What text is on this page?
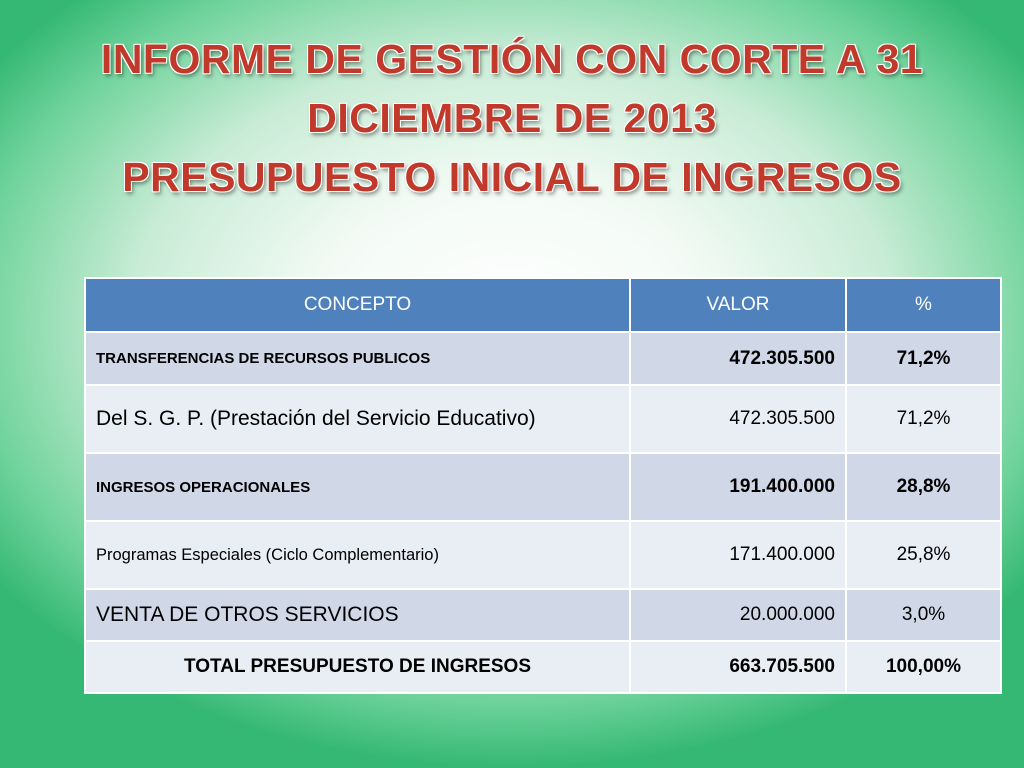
INFORME DE GESTIÓN CON CORTE A 31
DICIEMBRE DE 2013
PRESUPUESTO INICIAL DE INGRESOS
CONCEPTO	VALOR	%
TRANSFERENCIAS DE RECURSOS PUBLICOS	472.305.500	71,2%
Del S. G. P. (Prestación del Servicio Educativo)	472.305.500	71,2%
INGRESOS OPERACIONALES	191.400.000	28,8%
Programas Especiales (Ciclo Complementario)	171.400.000	25,8%
VENTA DE OTROS SERVICIOS	20.000.000	3,0%
TOTAL PRESUPUESTO DE INGRESOS	663.705.500	100,00%
